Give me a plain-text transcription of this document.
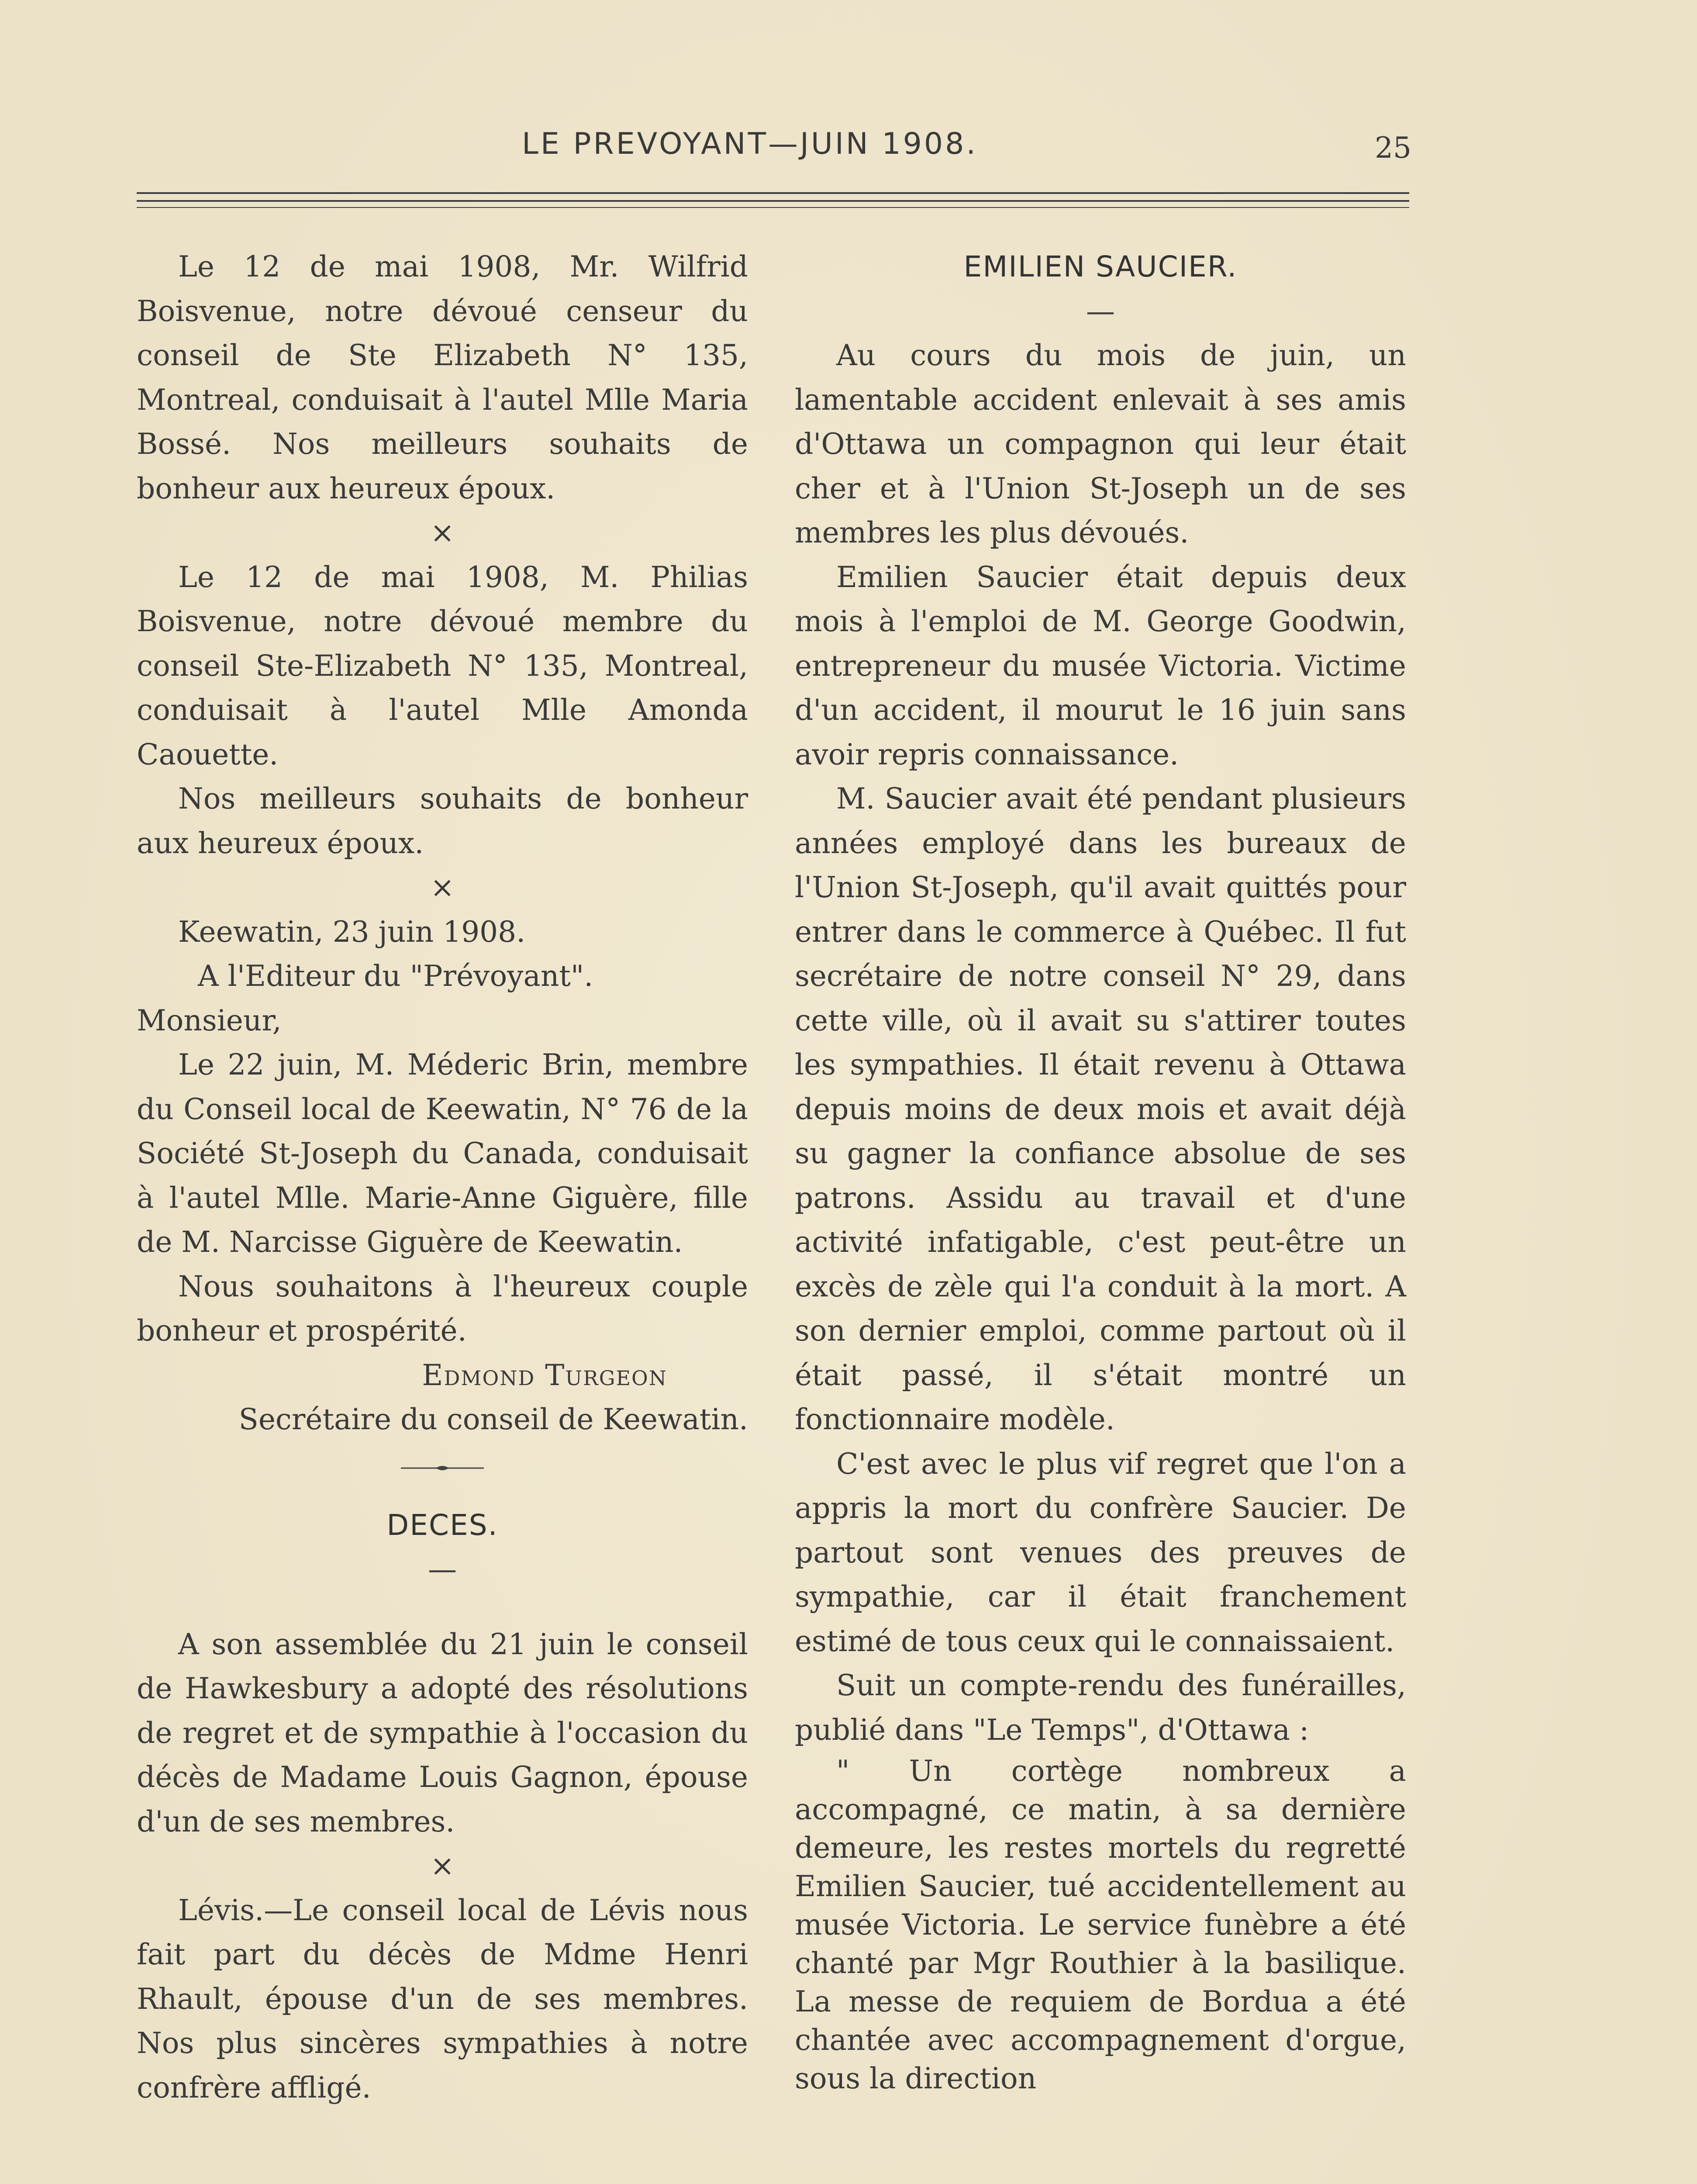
LE PREVOYANT—JUIN 1908.	25

Le 12 de mai 1908, Mr. Wilfrid Boisvenue, notre dévoué censeur du conseil de Ste Elizabeth N° 135, Montreal, conduisait à l'autel Mlle Maria Bossé. Nos meilleurs souhaits de bonheur aux heureux époux.

×

Le 12 de mai 1908, M. Philias Boisvenue, notre dévoué membre du conseil Ste-Elizabeth N° 135, Montreal, conduisait à l'autel Mlle Amonda Caouette.

Nos meilleurs souhaits de bonheur aux heureux époux.

×

Keewatin, 23 juin 1908.

A l'Editeur du "Prévoyant".

Monsieur,

Le 22 juin, M. Méderic Brin, membre du Conseil local de Keewatin, N° 76 de la Société St-Joseph du Canada, conduisait à l'autel Mlle. Marie-Anne Giguère, fille de M. Narcisse Giguère de Keewatin.

Nous souhaitons à l'heureux couple bonheur et prospérité.

Edmond Turgeon

Secrétaire du conseil de Keewatin.

DECES.

—

A son assemblée du 21 juin le conseil de Hawkesbury a adopté des résolutions de regret et de sympathie à l'occasion du décès de Madame Louis Gagnon, épouse d'un de ses membres.

×

Lévis.—Le conseil local de Lévis nous fait part du décès de Mdme Henri Rhault, épouse d'un de ses membres. Nos plus sincères sympathies à notre confrère affligé.

EMILIEN SAUCIER.

—

Au cours du mois de juin, un lamentable accident enlevait à ses amis d'Ottawa un compagnon qui leur était cher et à l'Union St-Joseph un de ses membres les plus dévoués.

Emilien Saucier était depuis deux mois à l'emploi de M. George Goodwin, entrepreneur du musée Victoria. Victime d'un accident, il mourut le 16 juin sans avoir repris connaissance.

M. Saucier avait été pendant plusieurs années employé dans les bureaux de l'Union St-Joseph, qu'il avait quittés pour entrer dans le commerce à Québec. Il fut secrétaire de notre conseil N° 29, dans cette ville, où il avait su s'attirer toutes les sympathies. Il était revenu à Ottawa depuis moins de deux mois et avait déjà su gagner la confiance absolue de ses patrons. Assidu au travail et d'une activité infatigable, c'est peut-être un excès de zèle qui l'a conduit à la mort. A son dernier emploi, comme partout où il était passé, il s'était montré un fonctionnaire modèle.

C'est avec le plus vif regret que l'on a appris la mort du confrère Saucier. De partout sont venues des preuves de sympathie, car il était franchement estimé de tous ceux qui le connaissaient.

Suit un compte-rendu des funérailles, publié dans "Le Temps", d'Ottawa :

" Un cortège nombreux a accompagné, ce matin, à sa dernière demeure, les restes mortels du regretté Emilien Saucier, tué accidentellement au musée Victoria. Le service funèbre a été chanté par Mgr Routhier à la basilique. La messe de requiem de Bordua a été chantée avec accompagnement d'orgue, sous la direction
